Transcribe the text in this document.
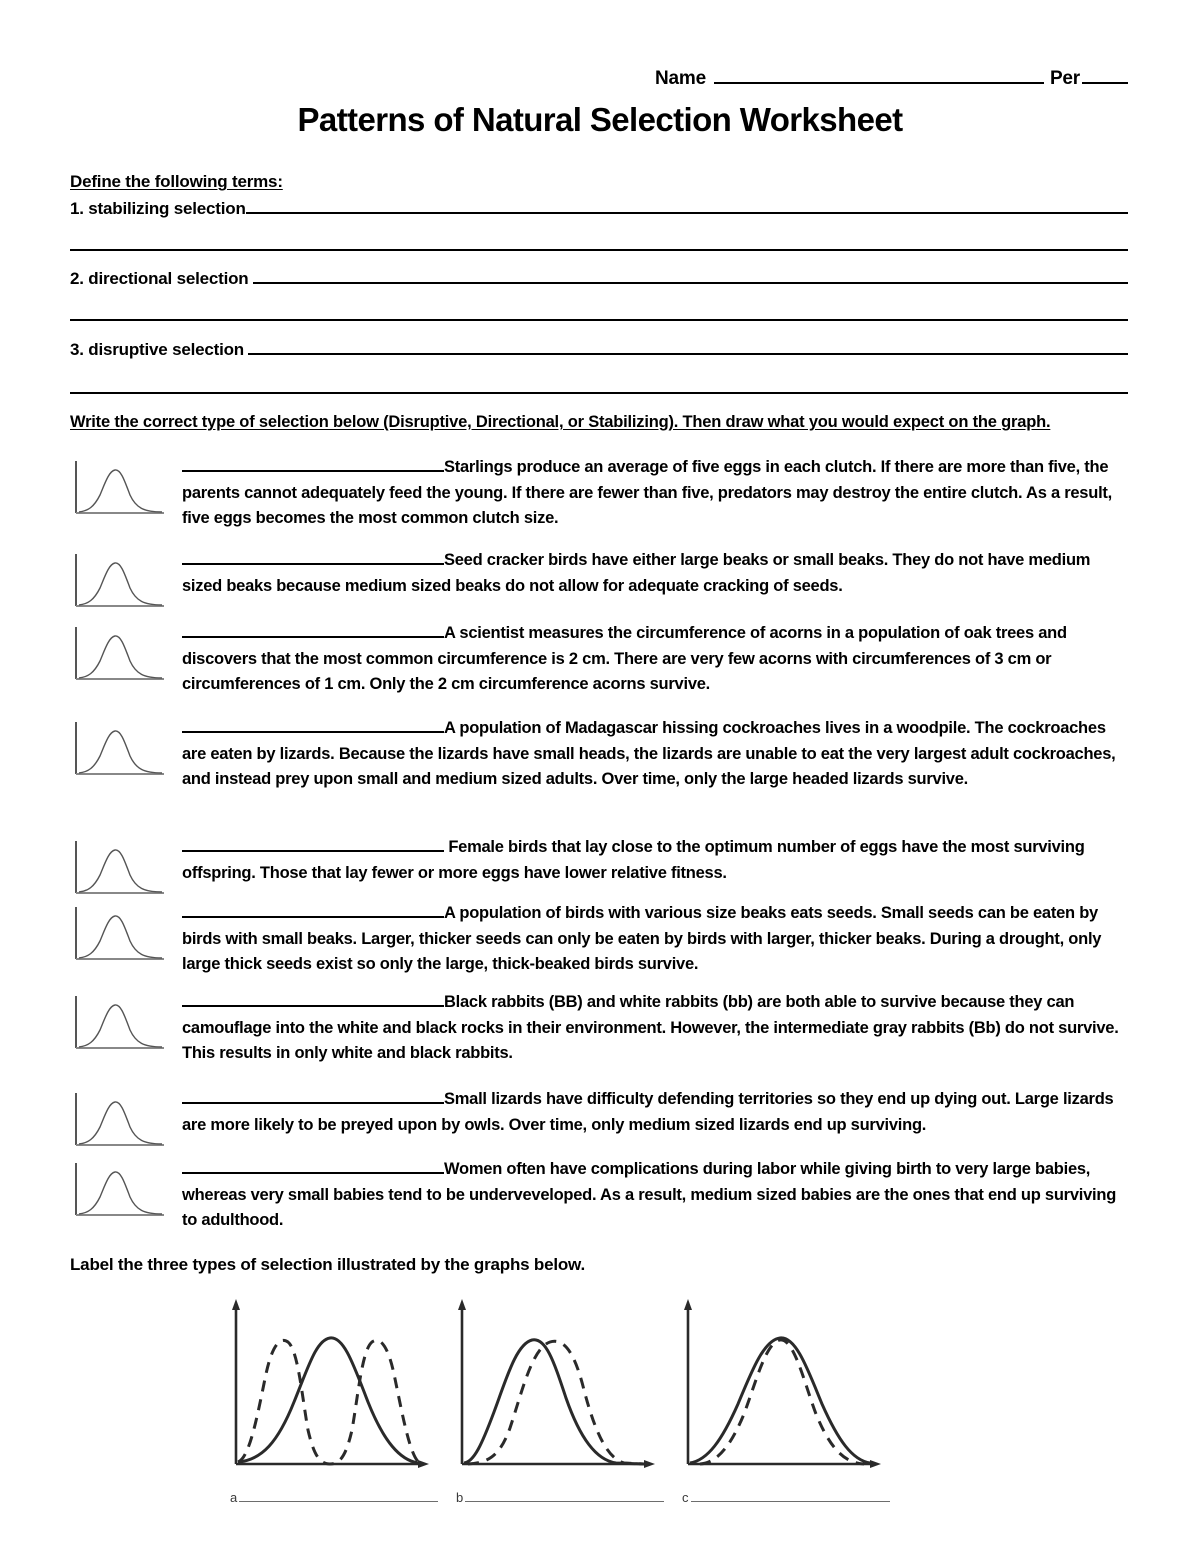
Name	Per
Patterns of Natural Selection Worksheet
Define the following terms:
1. stabilizing selection
2. directional selection
3. disruptive selection
Write the correct type of selection below (Disruptive, Directional, or Stabilizing). Then draw what you would expect on the graph.
Starlings produce an average of five eggs in each clutch. If there are more than five, the parents cannot adequately feed the young. If there are fewer than five, predators may destroy the entire clutch. As a result, five eggs becomes the most common clutch size.
Seed cracker birds have either large beaks or small beaks. They do not have medium sized beaks because medium sized beaks do not allow for adequate cracking of seeds.
A scientist measures the circumference of acorns in a population of oak trees and discovers that the most common circumference is 2 cm. There are very few acorns with circumferences of 3 cm or circumferences of 1 cm. Only the 2 cm circumference acorns survive.
A population of Madagascar hissing cockroaches lives in a woodpile. The cockroaches are eaten by lizards. Because the lizards have small heads, the lizards are unable to eat the very largest adult cockroaches, and instead prey upon small and medium sized adults. Over time, only the large headed lizards survive.
Female birds that lay close to the optimum number of eggs have the most surviving offspring. Those that lay fewer or more eggs have lower relative fitness.
A population of birds with various size beaks eats seeds. Small seeds can be eaten by birds with small beaks. Larger, thicker seeds can only be eaten by birds with larger, thicker beaks. During a drought, only large thick seeds exist so only the large, thick-beaked birds survive.
Black rabbits (BB) and white rabbits (bb) are both able to survive because they can camouflage into the white and black rocks in their environment. However, the intermediate gray rabbits (Bb) do not survive. This results in only white and black rabbits.
Small lizards have difficulty defending territories so they end up dying out. Large lizards are more likely to be preyed upon by owls. Over time, only medium sized lizards end up surviving.
Women often have complications during labor while giving birth to very large babies, whereas very small babies tend to be underveveloped. As a result, medium sized babies are the ones that end up surviving to adulthood.
Label the three types of selection illustrated by the graphs below.
a	b	c
